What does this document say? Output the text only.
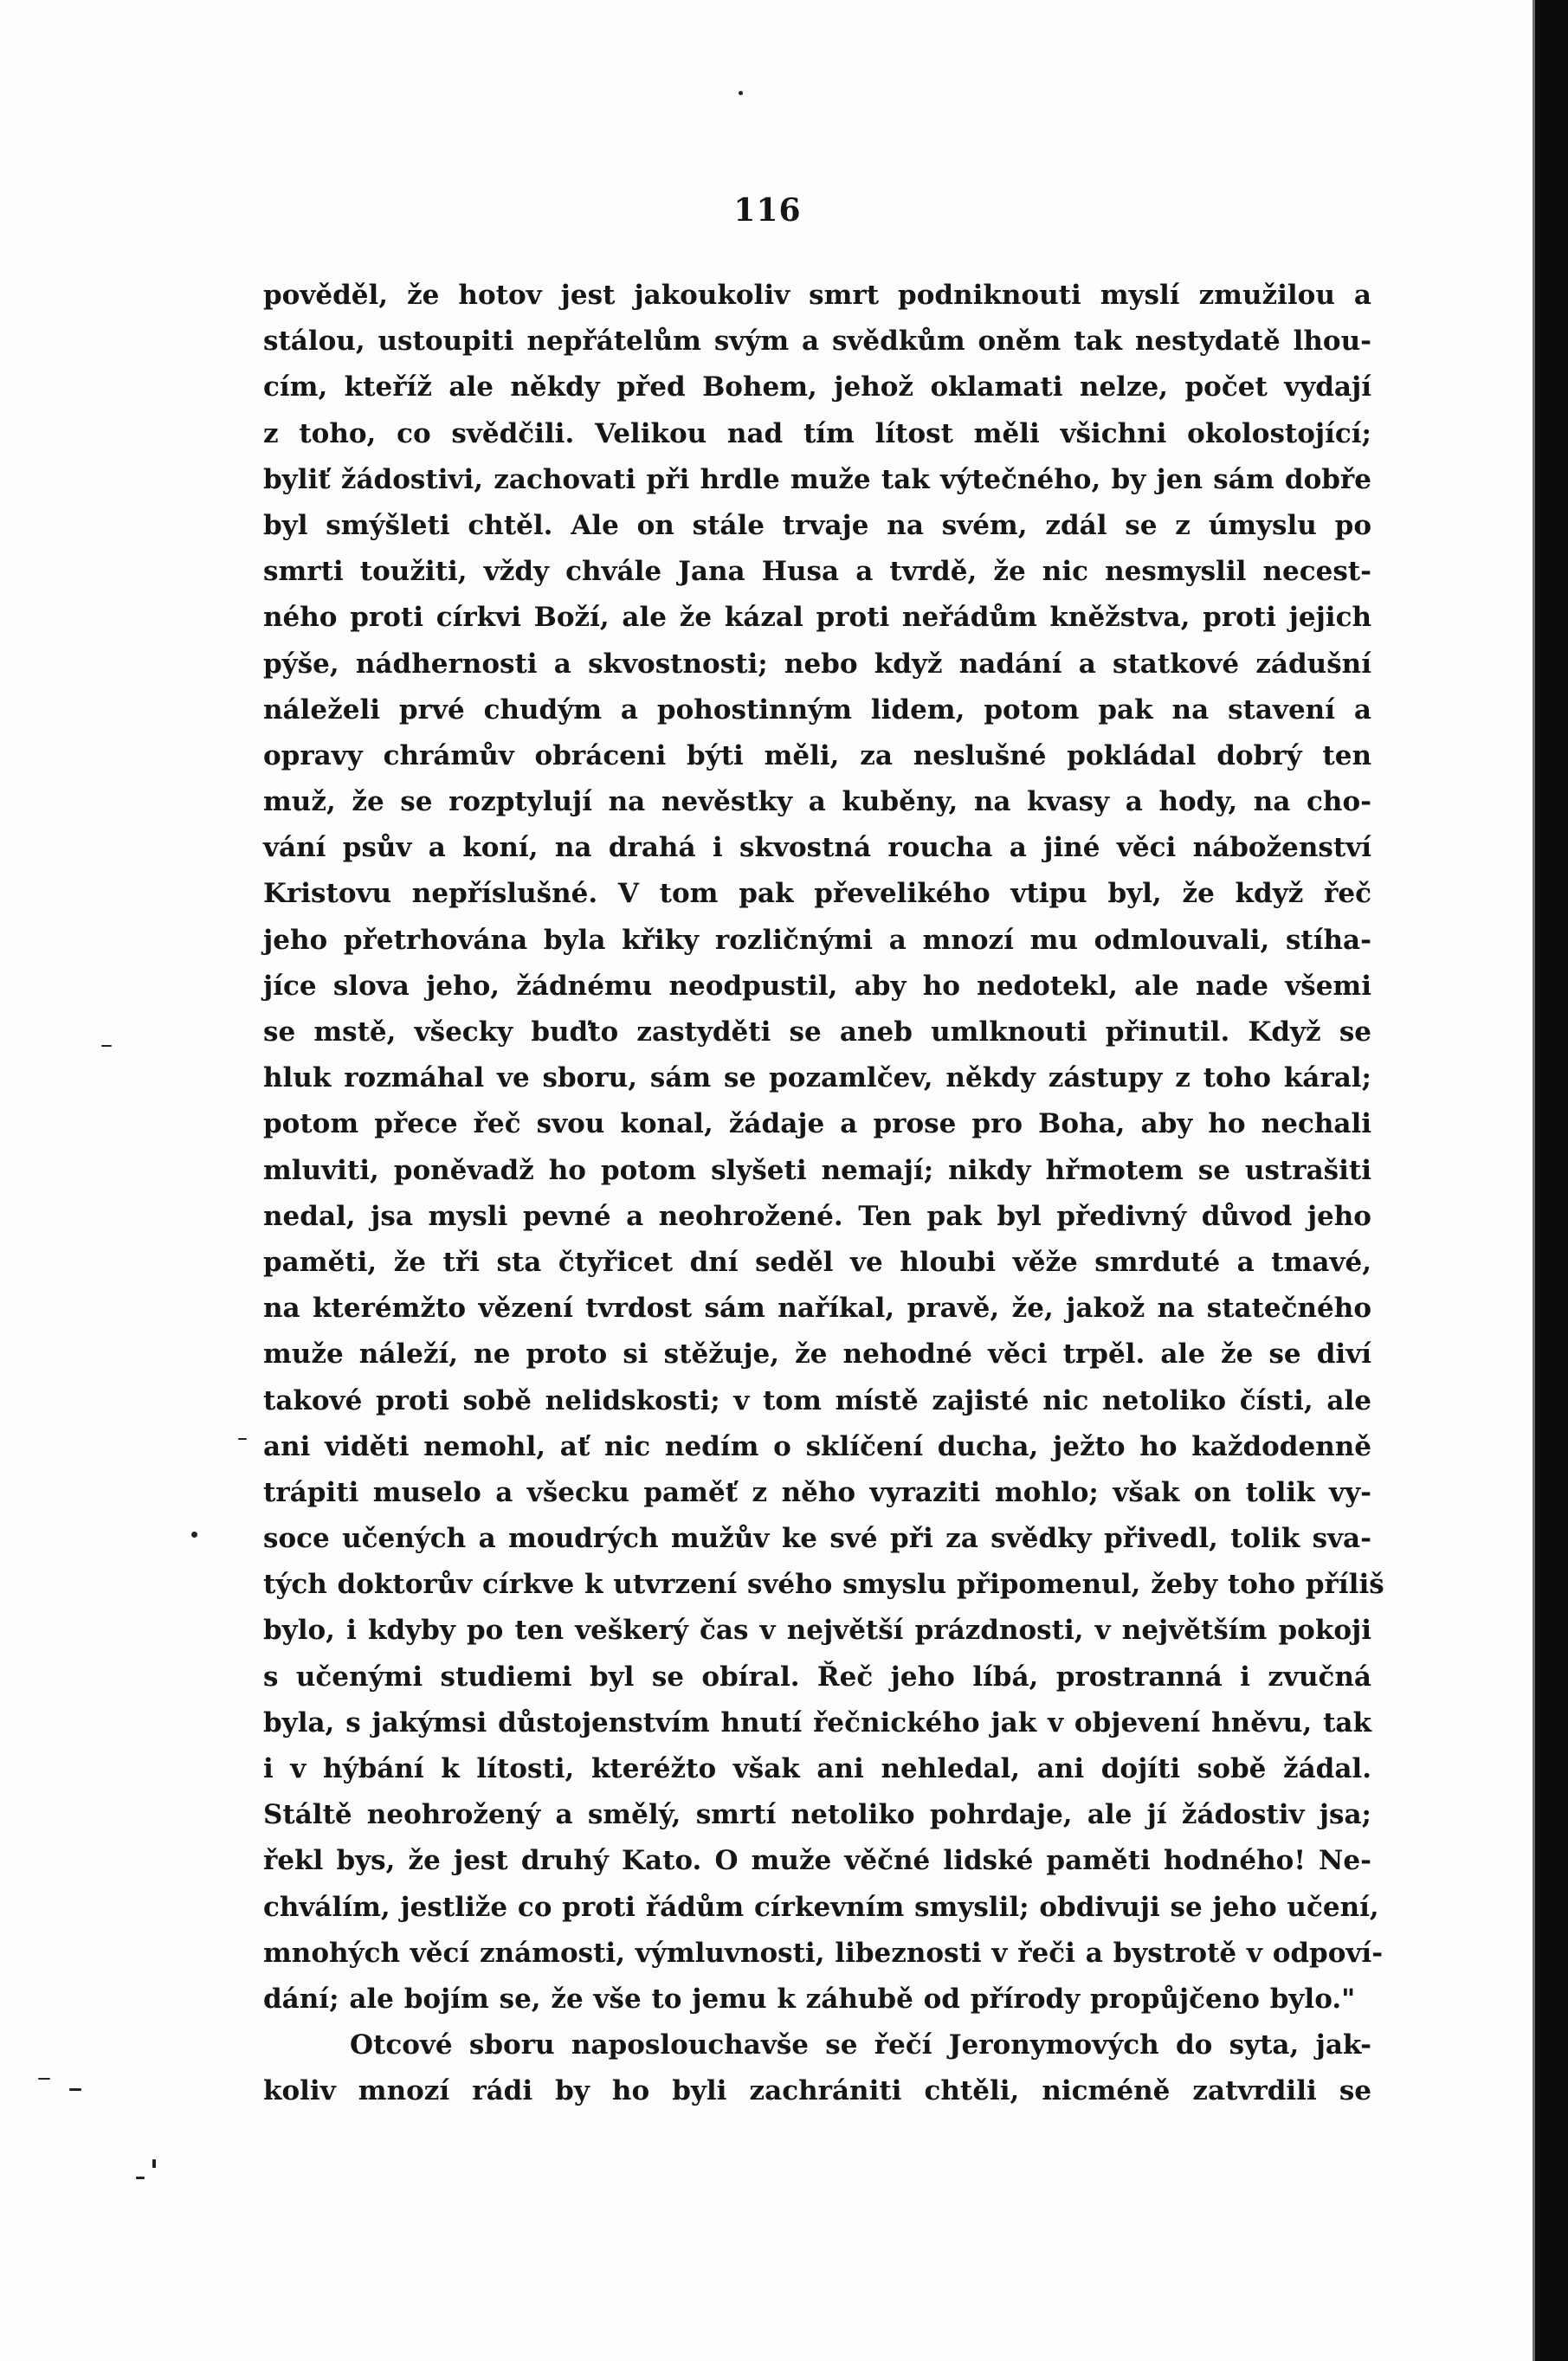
116
pověděl, že hotov jest jakoukoliv smrt podniknouti myslí zmužilou a
stálou, ustoupiti nepřátelům svým a svědkům oněm tak nestydatě lhou-
cím, kteříž ale někdy před Bohem, jehož oklamati nelze, počet vydají
z toho, co svědčili. Velikou nad tím lítost měli všichni okolostojící;
byliť žádostivi, zachovati při hrdle muže tak výtečného, by jen sám dobře
byl smýšleti chtěl. Ale on stále trvaje na svém, zdál se z úmyslu po
smrti toužiti, vždy chvále Jana Husa a tvrdě, že nic nesmyslil necest-
ného proti církvi Boží, ale že kázal proti neřádům kněžstva, proti jejich
pýše, nádhernosti a skvostnosti; nebo když nadání a statkové zádušní
náleželi prvé chudým a pohostinným lidem, potom pak na stavení a
opravy chrámův obráceni býti měli, za neslušné pokládal dobrý ten
muž, že se rozptylují na nevěstky a kuběny, na kvasy a hody, na cho-
vání psův a koní, na drahá i skvostná roucha a jiné věci náboženství
Kristovu nepříslušné. V tom pak převelikého vtipu byl, že když řeč
jeho přetrhována byla křiky rozličnými a mnozí mu odmlouvali, stíha-
jíce slova jeho, žádnému neodpustil, aby ho nedotekl, ale nade všemi
se mstě, všecky buďto zastyděti se aneb umlknouti přinutil. Když se
hluk rozmáhal ve sboru, sám se pozamlčev, někdy zástupy z toho káral;
potom přece řeč svou konal, žádaje a prose pro Boha, aby ho nechali
mluviti, poněvadž ho potom slyšeti nemají; nikdy hřmotem se ustrašiti
nedal, jsa mysli pevné a neohrožené. Ten pak byl předivný důvod jeho
paměti, že tři sta čtyřicet dní seděl ve hloubi věže smrduté a tmavé,
na kterémžto vězení tvrdost sám naříkal, pravě, že, jakož na statečného
muže náleží, ne proto si stěžuje, že nehodné věci trpěl. ale že se diví
takové proti sobě nelidskosti; v tom místě zajisté nic netoliko čísti, ale
ani viděti nemohl, ať nic nedím o sklíčení ducha, ježto ho každodenně
trápiti muselo a všecku paměť z něho vyraziti mohlo; však on tolik vy-
soce učených a moudrých mužův ke své při za svědky přivedl, tolik sva-
tých doktorův církve k utvrzení svého smyslu připomenul, žeby toho příliš
bylo, i kdyby po ten veškerý čas v největší prázdnosti, v největším pokoji
s učenými studiemi byl se obíral. Řeč jeho líbá, prostranná i zvučná
byla, s jakýmsi důstojenstvím hnutí řečnického jak v objevení hněvu, tak
i v hýbání k lítosti, kteréžto však ani nehledal, ani dojíti sobě žádal.
Stáltě neohrožený a smělý, smrtí netoliko pohrdaje, ale jí žádostiv jsa;
řekl bys, že jest druhý Kato. O muže věčné lidské paměti hodného! Ne-
chválím, jestliže co proti řádům církevním smyslil; obdivuji se jeho učení,
mnohých věcí známosti, výmluvnosti, libeznosti v řeči a bystrotě v odpoví-
dání; ale bojím se, že vše to jemu k záhubě od přírody propůjčeno bylo."
Otcové sboru naposlouchavše se řečí Jeronymových do syta, jak-
koliv mnozí rádi by ho byli zachrániti chtěli, nicméně zatvrdili se
